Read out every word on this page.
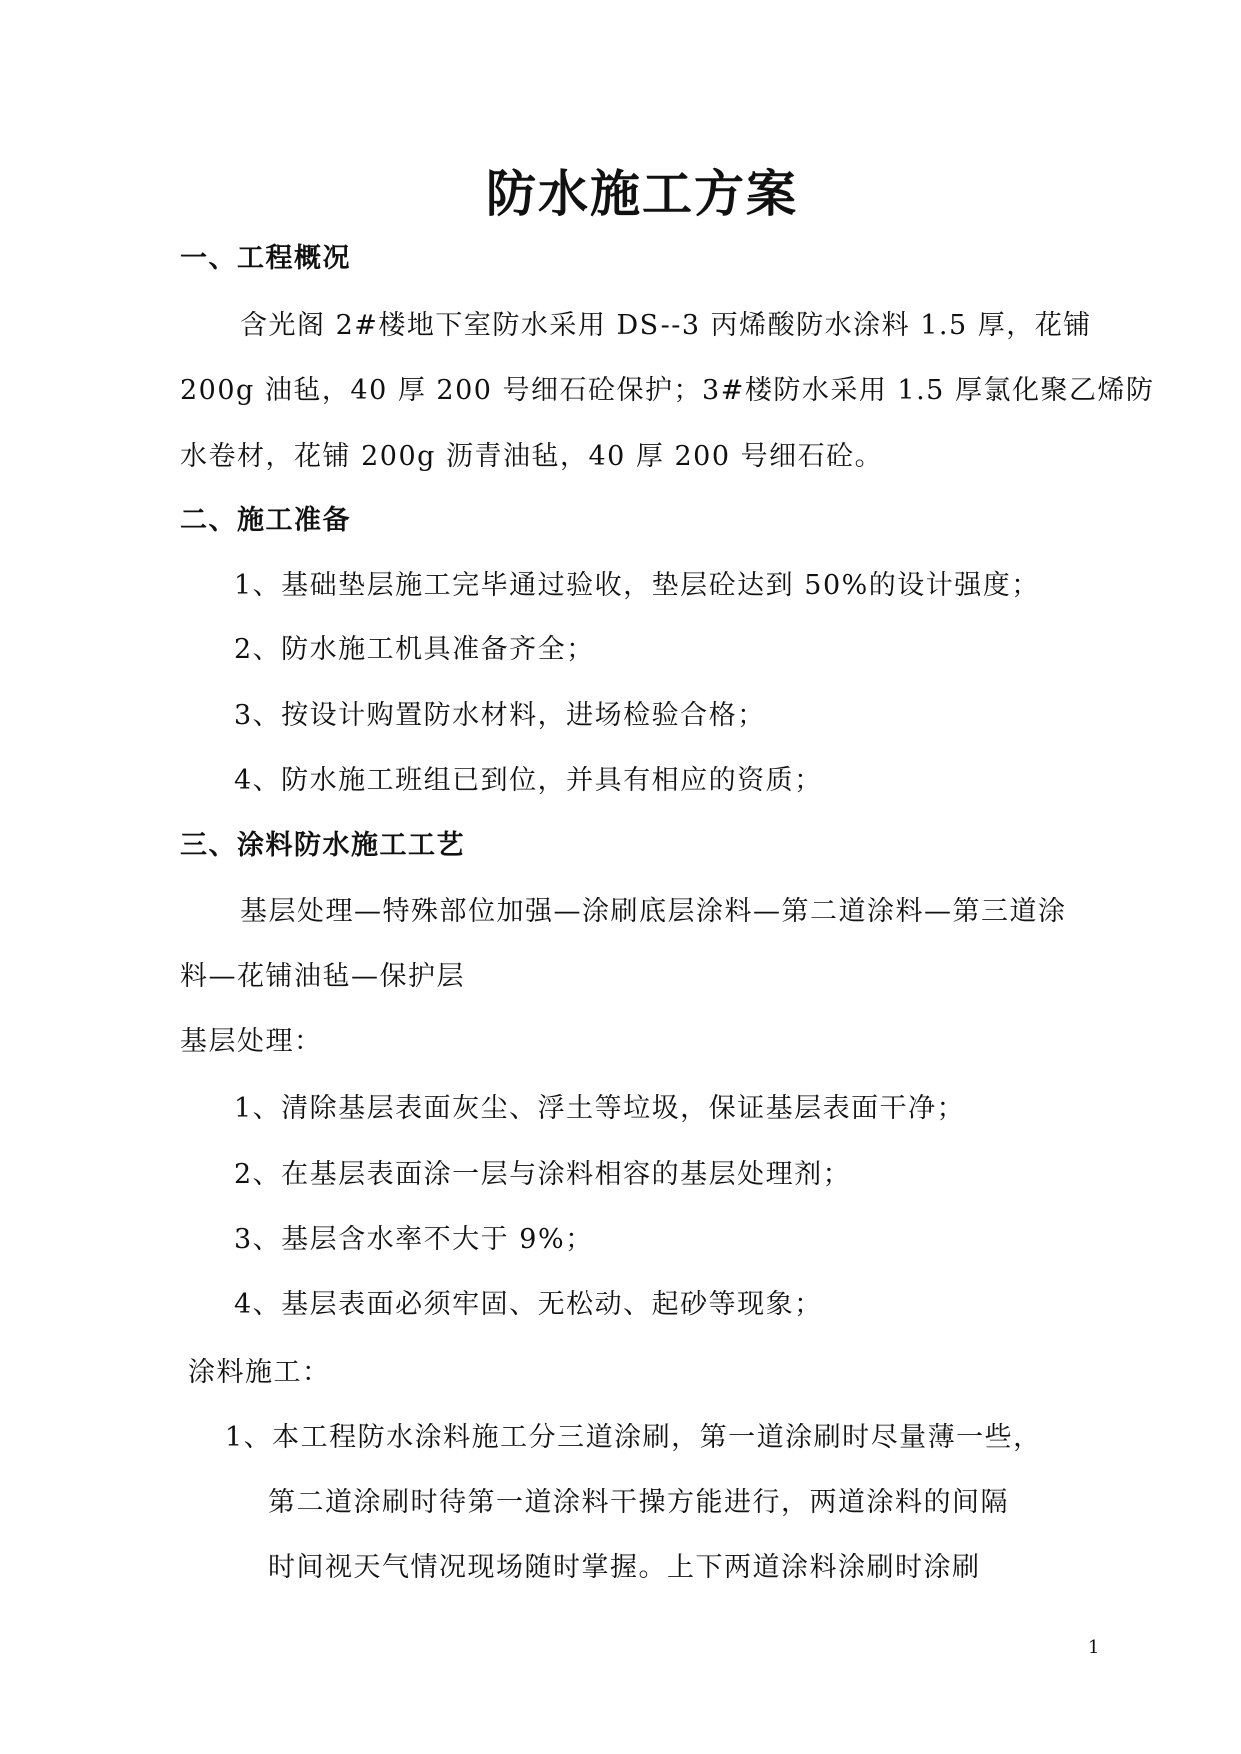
防水施工方案
一、工程概况
含光阁 2#楼地下室防水采用 DS--3 丙烯酸防水涂料 1.5 厚，花铺
200g 油毡，40 厚 200 号细石砼保护；3#楼防水采用 1.5 厚氯化聚乙烯防
水卷材，花铺 200g 沥青油毡，40 厚 200 号细石砼。
二、施工准备
1、基础垫层施工完毕通过验收，垫层砼达到 50%的设计强度；
2、防水施工机具准备齐全；
3、按设计购置防水材料，进场检验合格；
4、防水施工班组已到位，并具有相应的资质；
三、涂料防水施工工艺
基层处理—特殊部位加强—涂刷底层涂料—第二道涂料—第三道涂
料—花铺油毡—保护层
基层处理：
1、清除基层表面灰尘、浮土等垃圾，保证基层表面干净；
2、在基层表面涂一层与涂料相容的基层处理剂；
3、基层含水率不大于 9%；
4、基层表面必须牢固、无松动、起砂等现象；
涂料施工：
1、本工程防水涂料施工分三道涂刷，第一道涂刷时尽量薄一些，
第二道涂刷时待第一道涂料干操方能进行，两道涂料的间隔
时间视天气情况现场随时掌握。上下两道涂料涂刷时涂刷
1
